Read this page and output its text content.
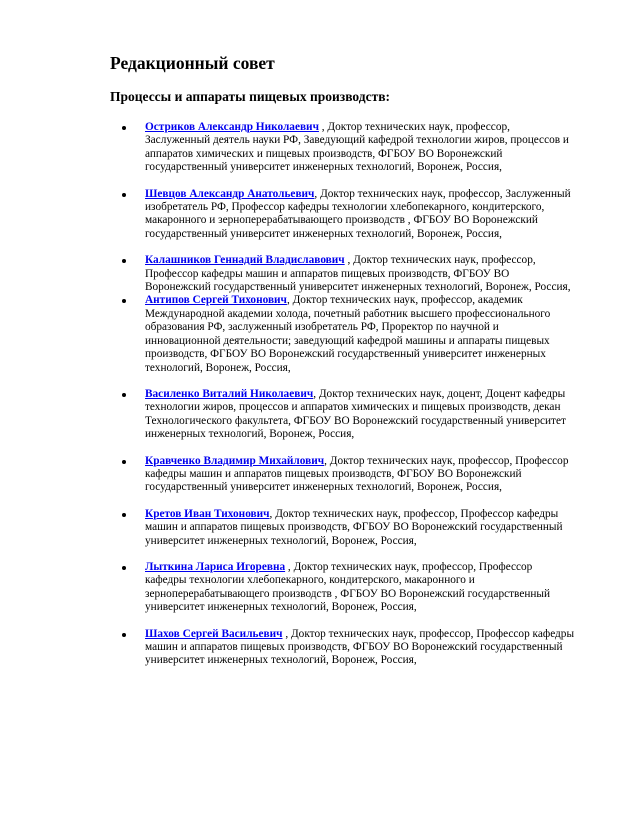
Редакционный совет
Процессы и аппараты пищевых производств:
Остриков Александр Николаевич , Доктор технических наук, профессор, Заслуженный деятель науки РФ, Заведующий кафедрой технологии жиров, процессов и аппаратов химических и пищевых производств, ФГБОУ ВО Воронежский государственный университет инженерных технологий, Воронеж, Россия,
Шевцов Александр Анатольевич, Доктор технических наук, профессор, Заслуженный изобретатель РФ, Профессор кафедры технологии хлебопекарного, кондитерского, макаронного и зерноперерабатывающего производств , ФГБОУ ВО Воронежский государственный университет инженерных технологий, Воронеж, Россия,
Калашников Геннадий Владиславович , Доктор технических наук, профессор, Профессор кафедры машин и аппаратов пищевых производств, ФГБОУ ВО Воронежский государственный университет инженерных технологий, Воронеж, Россия,
Антипов Сергей Тихонович, Доктор технических наук, профессор, академик Международной академии холода, почетный работник высшего профессионального образования РФ, заслуженный изобретатель РФ, Проректор по научной и инновационной деятельности; заведующий кафедрой машины и аппараты пищевых производств, ФГБОУ ВО Воронежский государственный университет инженерных технологий, Воронеж, Россия,
Василенко Виталий Николаевич, Доктор технических наук, доцент, Доцент кафедры технологии жиров, процессов и аппаратов химических и пищевых производств, декан Технологического факультета, ФГБОУ ВО Воронежский государственный университет инженерных технологий, Воронеж, Россия,
Кравченко Владимир Михайлович, Доктор технических наук, профессор, Профессор кафедры машин и аппаратов пищевых производств, ФГБОУ ВО Воронежский государственный университет инженерных технологий, Воронеж, Россия,
Кретов Иван Тихонович, Доктор технических наук, профессор, Профессор кафедры машин и аппаратов пищевых производств, ФГБОУ ВО Воронежский государственный университет инженерных технологий, Воронеж, Россия,
Лыткина Лариса Игоревна , Доктор технических наук, профессор, Профессор кафедры технологии хлебопекарного, кондитерского, макаронного и зерноперерабатывающего производств , ФГБОУ ВО Воронежский государственный университет инженерных технологий, Воронеж, Россия,
Шахов Сергей Васильевич , Доктор технических наук, профессор, Профессор кафедры машин и аппаратов пищевых производств, ФГБОУ ВО Воронежский государственный университет инженерных технологий, Воронеж, Россия,
